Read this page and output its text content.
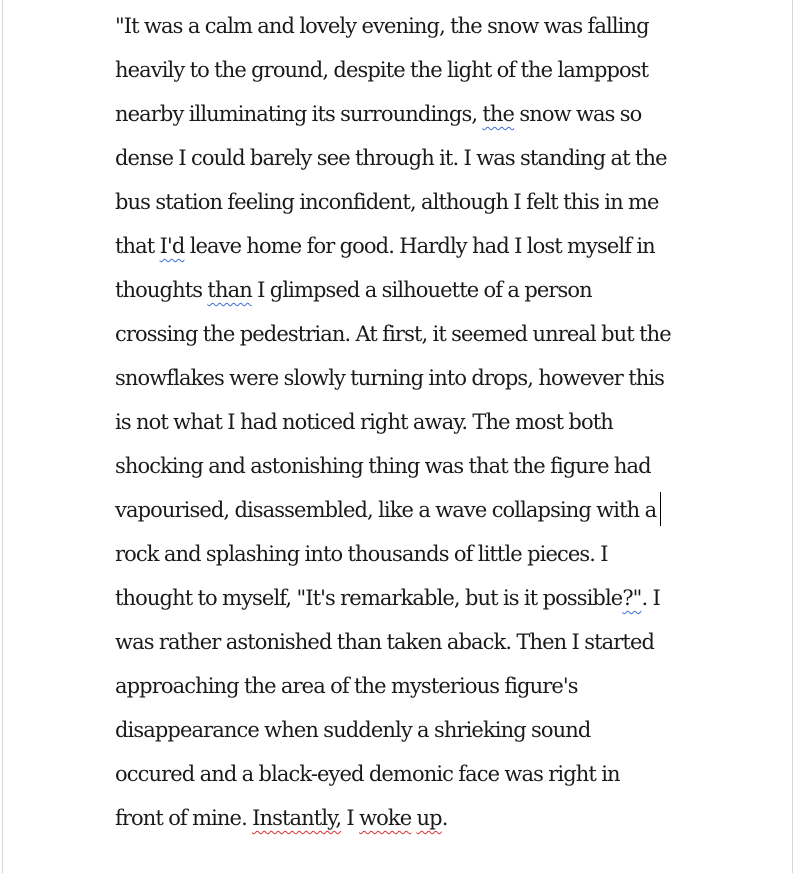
"It was a calm and lovely evening, the snow was falling
heavily to the ground, despite the light of the lamppost
nearby illuminating its surroundings, the snow was so
dense I could barely see through it. I was standing at the
bus station feeling inconfident, although I felt this in me
that I'd leave home for good. Hardly had I lost myself in
thoughts than I glimpsed a silhouette of a person
crossing the pedestrian. At first, it seemed unreal but the
snowflakes were slowly turning into drops, however this
is not what I had noticed right away. The most both
shocking and astonishing thing was that the figure had
vapourised, disassembled, like a wave collapsing with a
rock and splashing into thousands of little pieces. I
thought to myself, "It's remarkable, but is it possible?". I
was rather astonished than taken aback. Then I started
approaching the area of the mysterious figure's
disappearance when suddenly a shrieking sound
occured and a black-eyed demonic face was right in
front of mine. Instantly, I woke up.
